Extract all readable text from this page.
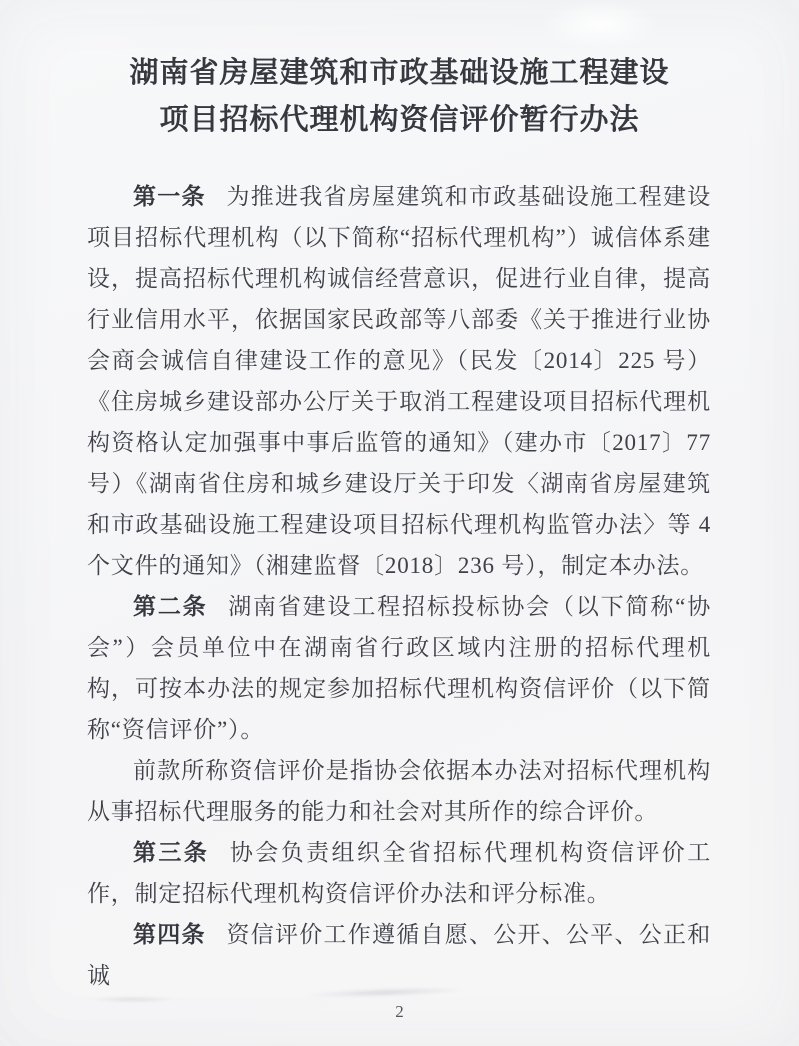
湖南省房屋建筑和市政基础设施工程建设
项目招标代理机构资信评价暂行办法

第一条 为推进我省房屋建筑和市政基础设施工程建设项目招标代理机构（以下简称“招标代理机构”）诚信体系建设，提高招标代理机构诚信经营意识，促进行业自律，提高行业信用水平，依据国家民政部等八部委《关于推进行业协会商会诚信自律建设工作的意见》（民发〔2014〕225 号）《住房城乡建设部办公厅关于取消工程建设项目招标代理机构资格认定加强事中事后监管的通知》（建办市〔2017〕77 号）《湖南省住房和城乡建设厅关于印发〈湖南省房屋建筑和市政基础设施工程建设项目招标代理机构监管办法〉等 4 个文件的通知》（湘建监督〔2018〕236 号），制定本办法。

第二条 湖南省建设工程招标投标协会（以下简称“协会”）会员单位中在湖南省行政区域内注册的招标代理机构，可按本办法的规定参加招标代理机构资信评价（以下简称“资信评价”）。

前款所称资信评价是指协会依据本办法对招标代理机构从事招标代理服务的能力和社会对其所作的综合评价。

第三条 协会负责组织全省招标代理机构资信评价工作，制定招标代理机构资信评价办法和评分标准。

第四条 资信评价工作遵循自愿、公开、公平、公正和诚

2
